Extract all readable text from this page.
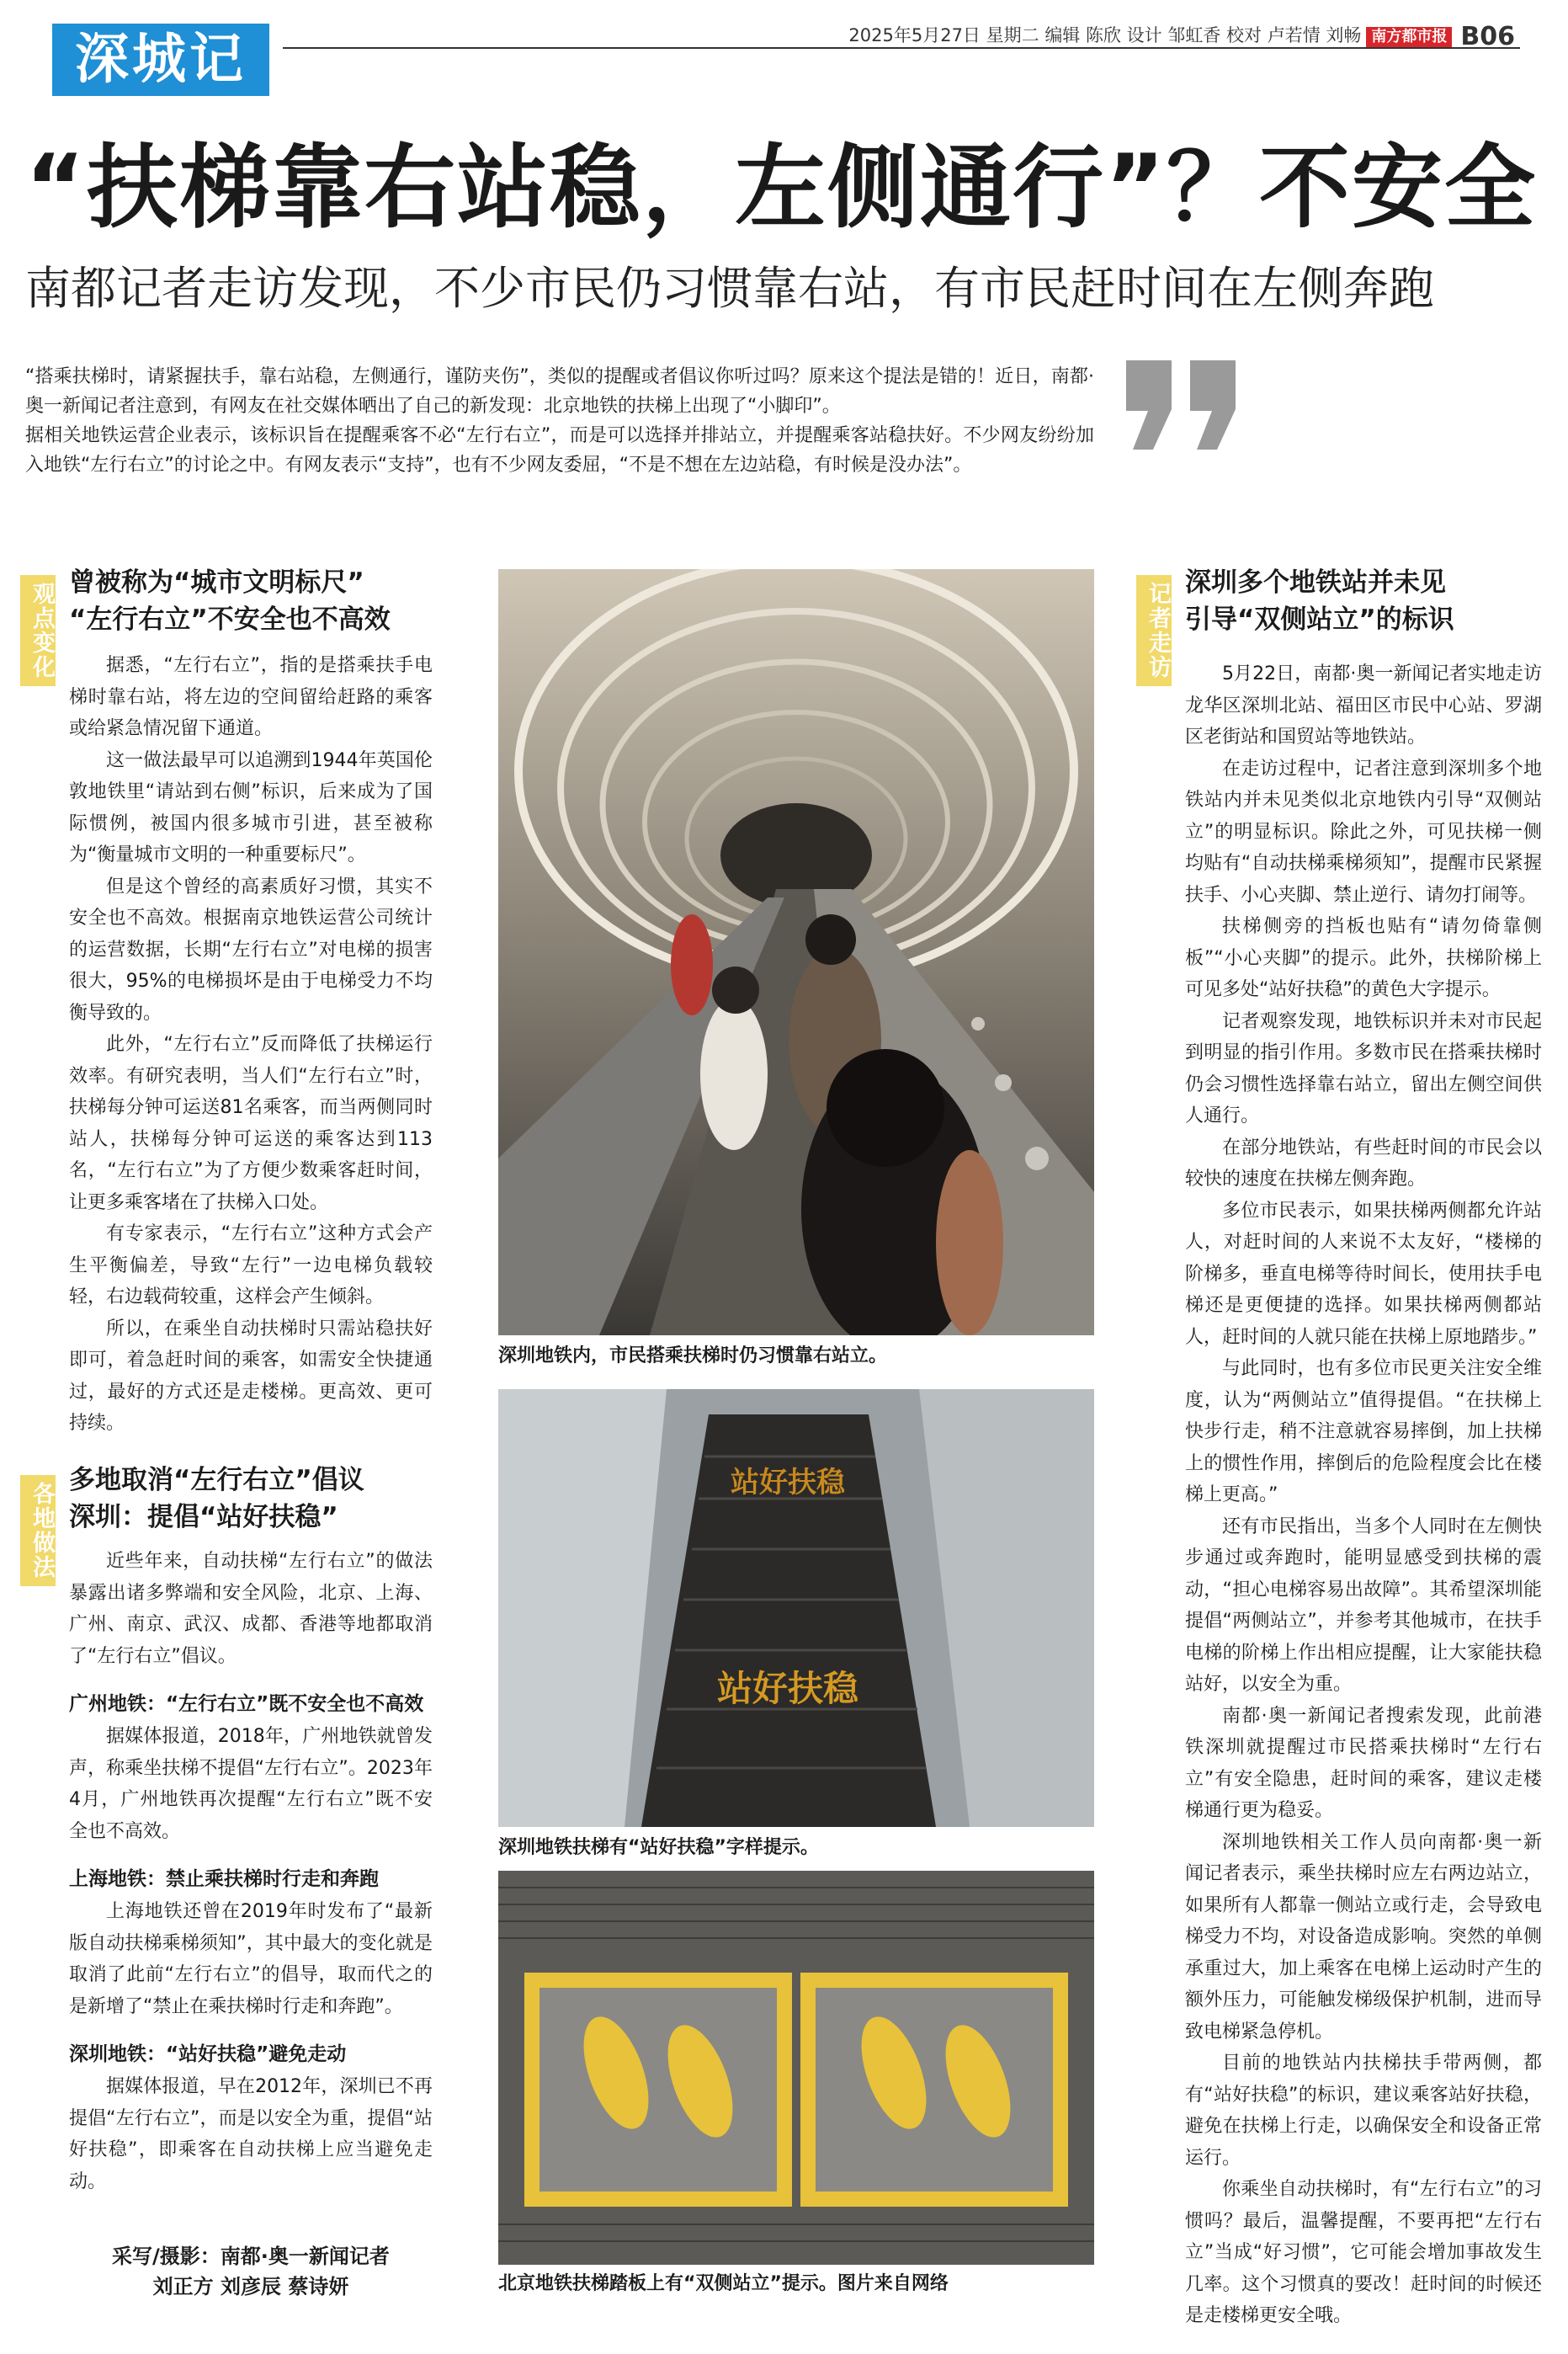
深城记	2025年5月27日 星期二 编辑 陈欣 设计 邹虹香 校对 卢若情 刘畅 南方都市报 B06
“扶梯靠右站稳，左侧通行”？不安全
南都记者走访发现，不少市民仍习惯靠右站，有市民赶时间在左侧奔跑

“搭乘扶梯时，请紧握扶手，靠右站稳，左侧通行，谨防夹伤”，类似的提醒或者倡议你听过吗？原来这个提法是错的！近日，南都·奥一新闻记者注意到，有网友在社交媒体晒出了自己的新发现：北京地铁的扶梯上出现了“小脚印”。

据相关地铁运营企业表示，该标识旨在提醒乘客不必“左行右立”，而是可以选择并排站立，并提醒乘客站稳扶好。不少网友纷纷加入地铁“左行右立”的讨论之中。有网友表示“支持”，也有不少网友委屈，“不是不想在左边站稳，有时候是没办法”。

观点变化 曾被称为“城市文明标尺”
“左行右立”不安全也不高效

据悉，“左行右立”，指的是搭乘扶手电梯时靠右站，将左边的空间留给赶路的乘客或给紧急情况留下通道。

这一做法最早可以追溯到1944年英国伦敦地铁里“请站到右侧”标识，后来成为了国际惯例，被国内很多城市引进，甚至被称为“衡量城市文明的一种重要标尺”。

但是这个曾经的高素质好习惯，其实不安全也不高效。根据南京地铁运营公司统计的运营数据，长期“左行右立”对电梯的损害很大，95%的电梯损坏是由于电梯受力不均衡导致的。

此外，“左行右立”反而降低了扶梯运行效率。有研究表明，当人们“左行右立”时，扶梯每分钟可运送81名乘客，而当两侧同时站人，扶梯每分钟可运送的乘客达到113名，“左行右立”为了方便少数乘客赶时间，让更多乘客堵在了扶梯入口处。

有专家表示，“左行右立”这种方式会产生平衡偏差，导致“左行”一边电梯负载较轻，右边载荷较重，这样会产生倾斜。

所以，在乘坐自动扶梯时只需站稳扶好即可，着急赶时间的乘客，如需安全快捷通过，最好的方式还是走楼梯。更高效、更可持续。

各地做法
多地取消“左行右立”倡议
深圳：提倡“站好扶稳”

近些年来，自动扶梯“左行右立”的做法暴露出诸多弊端和安全风险，北京、上海、广州、南京、武汉、成都、香港等地都取消了“左行右立”倡议。

广州地铁：“左行右立”既不安全也不高效

据媒体报道，2018年，广州地铁就曾发声，称乘坐扶梯不提倡“左行右立”。2023年4月，广州地铁再次提醒“左行右立”既不安全也不高效。

上海地铁：禁止乘扶梯时行走和奔跑

上海地铁还曾在2019年时发布了“最新版自动扶梯乘梯须知”，其中最大的变化就是取消了此前“左行右立”的倡导，取而代之的是新增了“禁止在乘扶梯时行走和奔跑”。

深圳地铁：“站好扶稳”避免走动

据媒体报道，早在2012年，深圳已不再提倡“左行右立”，而是以安全为重，提倡“站好扶稳”，即乘客在自动扶梯上应当避免走动。

采写/摄影：南都·奥一新闻记者
刘正方 刘彦辰 蔡诗妍
深圳地铁内，市民搭乘扶梯时仍习惯靠右站立。
站好扶稳
站好扶稳
深圳地铁扶梯有“站好扶稳”字样提示。
北京地铁扶梯踏板上有“双侧站立”提示。图片来自网络
记者走访 深圳多个地铁站并未见
引导“双侧站立”的标识

5月22日，南都·奥一新闻记者实地走访龙华区深圳北站、福田区市民中心站、罗湖区老街站和国贸站等地铁站。

在走访过程中，记者注意到深圳多个地铁站内并未见类似北京地铁内引导“双侧站立”的明显标识。除此之外，可见扶梯一侧均贴有“自动扶梯乘梯须知”，提醒市民紧握扶手、小心夹脚、禁止逆行、请勿打闹等。

扶梯侧旁的挡板也贴有“请勿倚靠侧板”“小心夹脚”的提示。此外，扶梯阶梯上可见多处“站好扶稳”的黄色大字提示。

记者观察发现，地铁标识并未对市民起到明显的指引作用。多数市民在搭乘扶梯时仍会习惯性选择靠右站立，留出左侧空间供人通行。

在部分地铁站，有些赶时间的市民会以较快的速度在扶梯左侧奔跑。

多位市民表示，如果扶梯两侧都允许站人，对赶时间的人来说不太友好，“楼梯的阶梯多，垂直电梯等待时间长，使用扶手电梯还是更便捷的选择。如果扶梯两侧都站人，赶时间的人就只能在扶梯上原地踏步。”

与此同时，也有多位市民更关注安全维度，认为“两侧站立”值得提倡。“在扶梯上快步行走，稍不注意就容易摔倒，加上扶梯上的惯性作用，摔倒后的危险程度会比在楼梯上更高。”

还有市民指出，当多个人同时在左侧快步通过或奔跑时，能明显感受到扶梯的震动，“担心电梯容易出故障”。其希望深圳能提倡“两侧站立”，并参考其他城市，在扶手电梯的阶梯上作出相应提醒，让大家能扶稳站好，以安全为重。

南都·奥一新闻记者搜索发现，此前港铁深圳就提醒过市民搭乘扶梯时“左行右立”有安全隐患，赶时间的乘客，建议走楼梯通行更为稳妥。

深圳地铁相关工作人员向南都·奥一新闻记者表示，乘坐扶梯时应左右两边站立，如果所有人都靠一侧站立或行走，会导致电梯受力不均，对设备造成影响。突然的单侧承重过大，加上乘客在电梯上运动时产生的额外压力，可能触发梯级保护机制，进而导致电梯紧急停机。

目前的地铁站内扶梯扶手带两侧，都有“站好扶稳”的标识，建议乘客站好扶稳，避免在扶梯上行走，以确保安全和设备正常运行。

你乘坐自动扶梯时，有“左行右立”的习惯吗？最后，温馨提醒，不要再把“左行右立”当成“好习惯”，它可能会增加事故发生几率。这个习惯真的要改！赶时间的时候还是走楼梯更安全哦。
